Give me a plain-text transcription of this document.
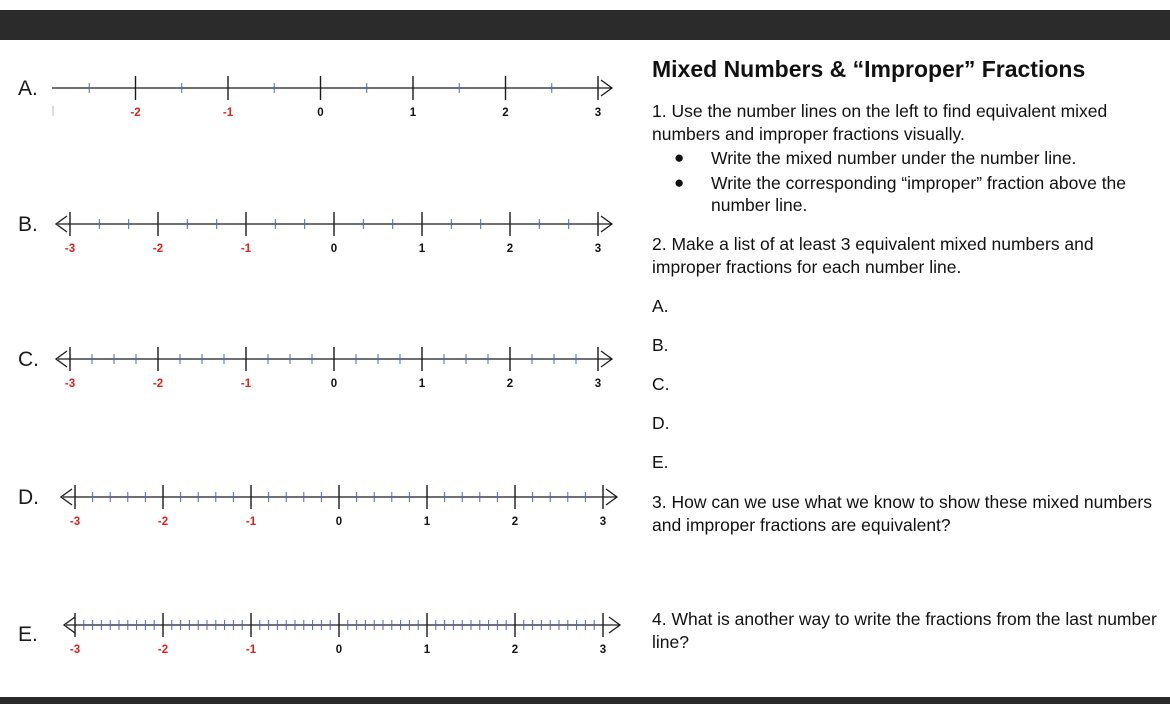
A.
-2	-1	0	1	2	3
B.
-3	-2	-1	0	1	2	3
C.
-3	-2	-1	0	1	2	3
D.
-3	-2	-1	0	1	2	3
E.
-3	-2	-1	0	1	2	3
Mixed Numbers & “Improper” Fractions

1. Use the number lines on the left to find equivalent mixed numbers and improper fractions visually.

● Write the mixed number under the number line.
● Write the corresponding “improper” fraction above the number line.

2. Make a list of at least 3 equivalent mixed numbers and improper fractions for each number line.

A.

B.

C.

D.

E.

3. How can we use what we know to show these mixed numbers and improper fractions are equivalent?

4. What is another way to write the fractions from the last number line?
